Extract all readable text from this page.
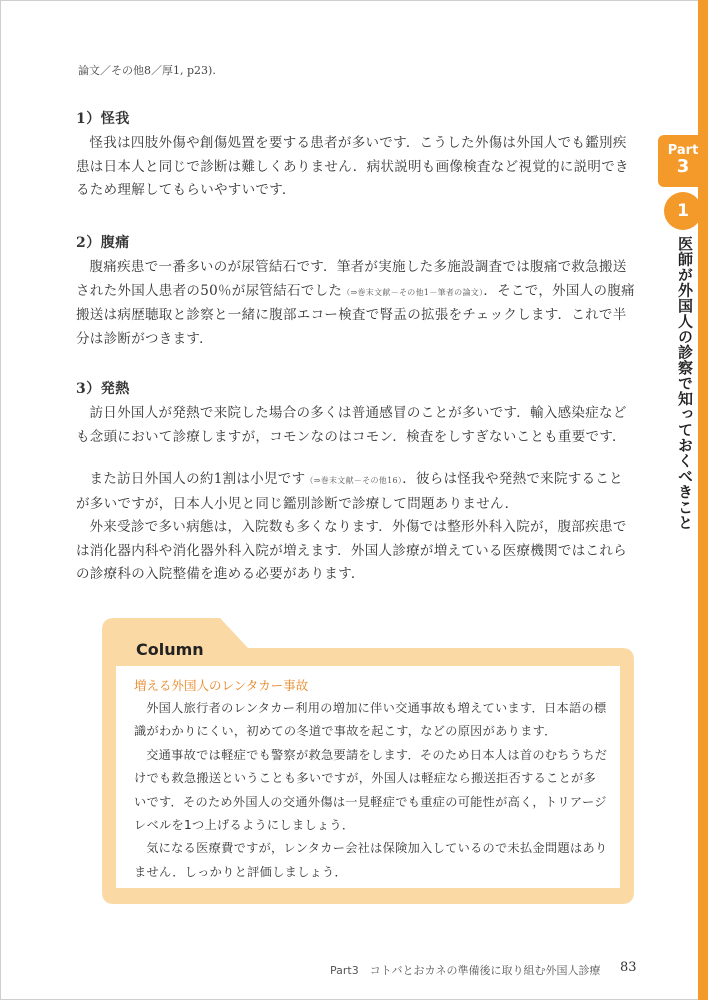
論文／その他8／厚1, p23).
1）怪我

怪我は四肢外傷や創傷処置を要する患者が多いです．こうした外傷は外国人でも鑑別疾患は日本人と同じで診断は難しくありません．病状説明も画像検査など視覚的に説明できるため理解してもらいやすいです．

2）腹痛

腹痛疾患で一番多いのが尿管結石です．筆者が実施した多施設調査では腹痛で救急搬送された外国人患者の50％が尿管結石でした（⇒巻末文献－その他1－筆者の論文）．そこで，外国人の腹痛搬送は病歴聴取と診察と一緒に腹部エコー検査で腎盂の拡張をチェックします．これで半分は診断がつきます．

3）発熱

訪日外国人が発熱で来院した場合の多くは普通感冒のことが多いです．輸入感染症なども念頭において診療しますが，コモンなのはコモン．検査をしすぎないことも重要です．

また訪日外国人の約1割は小児です（⇒巻末文献－その他16）．彼らは怪我や発熱で来院することが多いですが，日本人小児と同じ鑑別診断で診療して問題ありません．

外来受診で多い病態は，入院数も多くなります．外傷では整形外科入院が，腹部疾患では消化器内科や消化器外科入院が増えます．外国人診療が増えている医療機関ではこれらの診療科の入院整備を進める必要があります．

Part
3
1
医師が外国人の診察で知っておくべきこと
Column
増える外国人のレンタカー事故

外国人旅行者のレンタカー利用の増加に伴い交通事故も増えています．日本語の標識がわかりにくい，初めての冬道で事故を起こす，などの原因があります．

交通事故では軽症でも警察が救急要請をします．そのため日本人は首のむちうちだけでも救急搬送ということも多いですが，外国人は軽症なら搬送拒否することが多いです．そのため外国人の交通外傷は一見軽症でも重症の可能性が高く，トリアージレベルを1つ上げるようにしましょう．

気になる医療費ですが，レンタカー会社は保険加入しているので未払金問題はありません．しっかりと評価しましょう．

Part3　コトバとおカネの準備後に取り組む外国人診療 83
